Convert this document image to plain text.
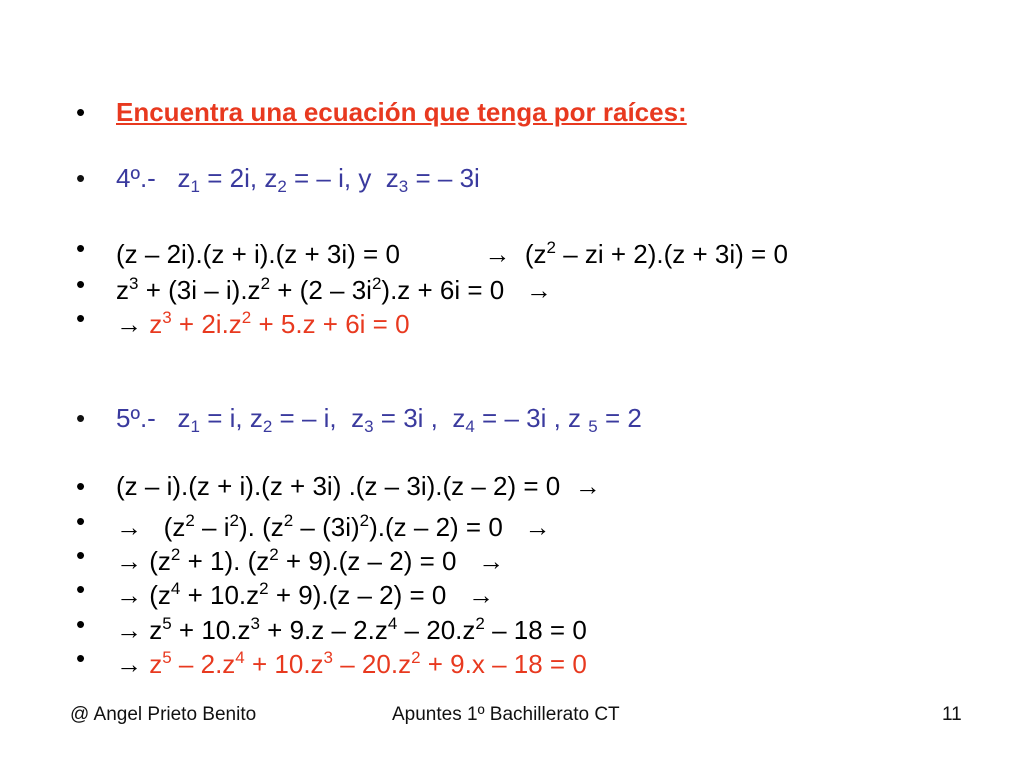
•	Encuentra una ecuación que tenga por raíces:
•	4º.- $z_1 = 2i$, $z_2$ = – i, y  $z_3$ = – 3i
•	(z – 2i).(z + i).(z + 3i) = 0	→ ($z^2$ – zi + 2).(z + 3i) = 0
•	$z^3 + (3i - i).z^2 + (2 - 3i^2).z + 6i = 0$ →
•	→ $z^3 + 2i.z^2 + 5.z + 6i = 0$
•	5º.- $z_1 = i$, $z_2$ = – i,  $z_3 = 3i$ ,  $z_4$ = – 3i , z $_5$ = 2
•	(z – i).(z + i).(z + 3i) .(z – 3i).(z – 2) = 0 →
•	→ $(z^2 - i^2)$. $(z^2 - (3i)^2).(z - 2) = 0$ →
•	→ $(z^2 + 1)$. $(z^2 + 9).(z - 2) = 0$ →
•	→ $(z^4 + 10.z^2 + 9).(z - 2) = 0$ →
•	→ $z^5 + 10.z^3 + 9.z - 2.z^4 - 20.z^2 - 18 = 0$
•	→ $z^5 - 2.z^4 + 10.z^3 - 20.z^2 + 9.x - 18 = 0$
@ Angel Prieto Benito	Apuntes 1º Bachillerato CT	11
